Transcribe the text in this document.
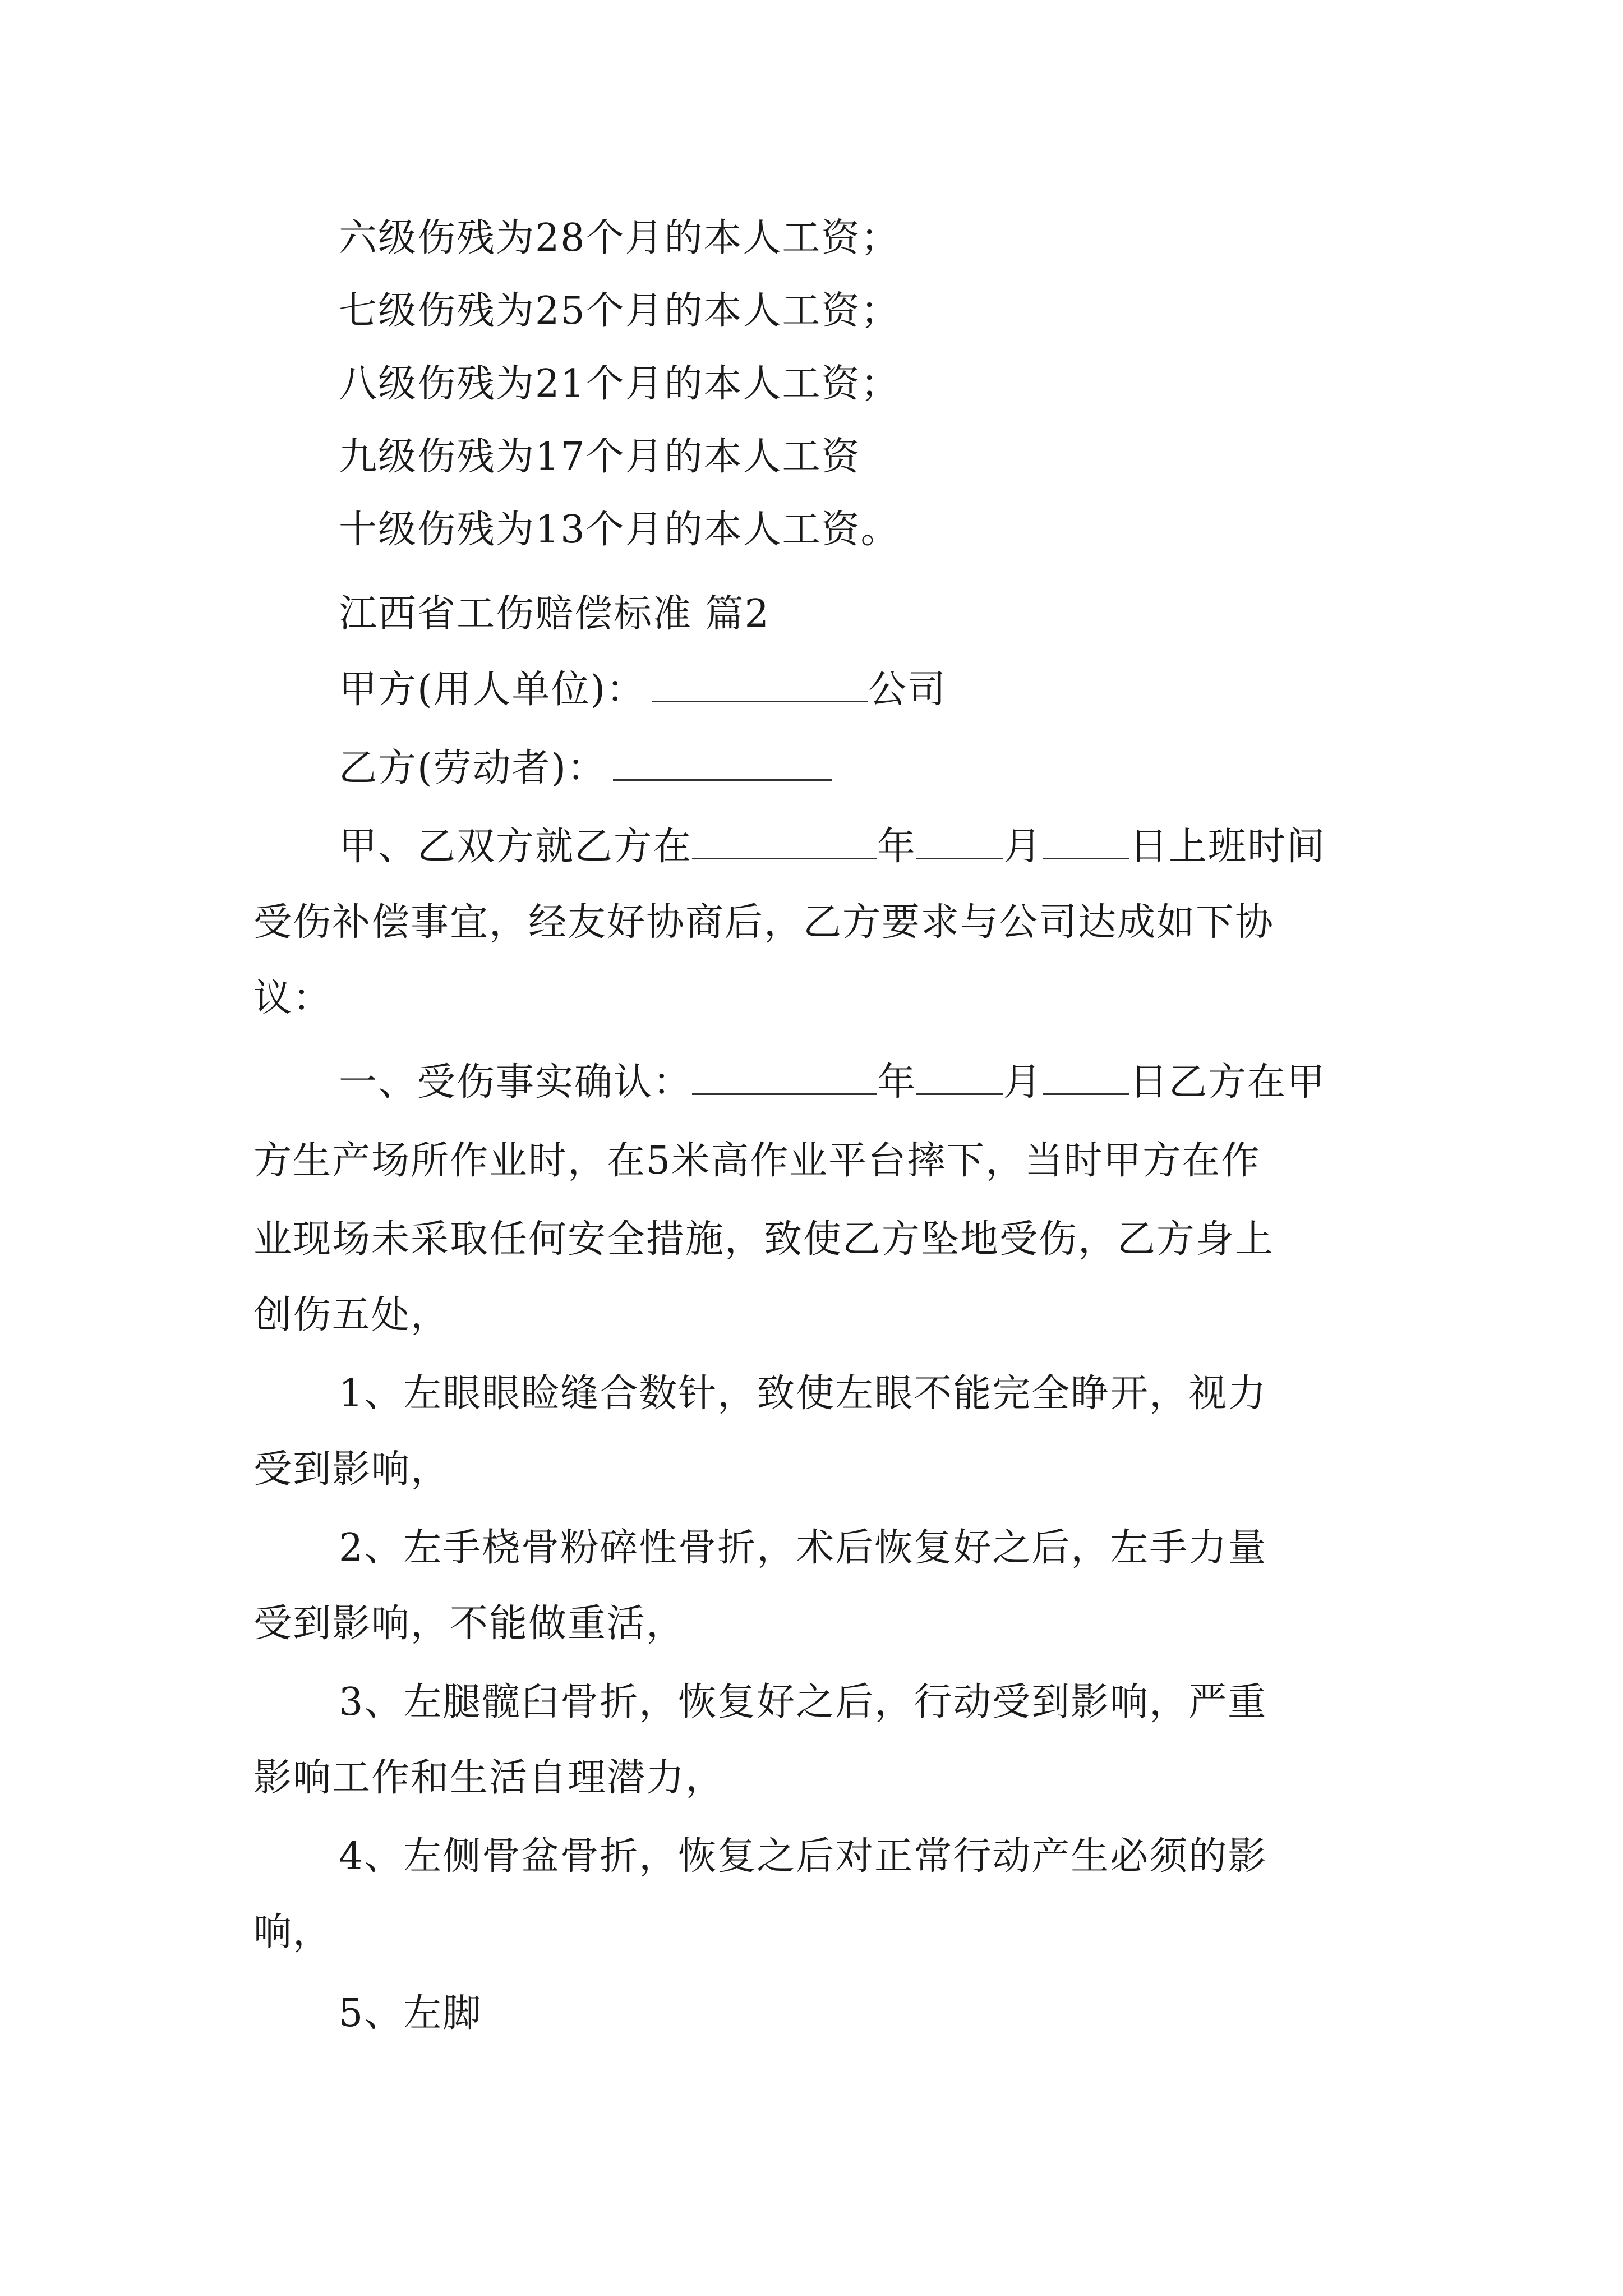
六级伤残为28个月的本人工资；
七级伤残为25个月的本人工资；
八级伤残为21个月的本人工资；
九级伤残为17个月的本人工资
十级伤残为13个月的本人工资。
江西省工伤赔偿标准 篇2
甲方(用人单位)：	公司
乙方(劳动者)：
甲、乙双方就乙方在	年 月 日上班时间
受伤补偿事宜，经友好协商后，乙方要求与公司达成如下协
议：
一、受伤事实确认：	年 月 日乙方在甲
方生产场所作业时，在5米高作业平台摔下，当时甲方在作
业现场未采取任何安全措施，致使乙方坠地受伤，乙方身上
创伤五处，
1、左眼眼睑缝合数针，致使左眼不能完全睁开，视力
受到影响，
2、左手桡骨粉碎性骨折，术后恢复好之后，左手力量
受到影响，不能做重活，
3、左腿髋臼骨折，恢复好之后，行动受到影响，严重
影响工作和生活自理潜力，
4、左侧骨盆骨折，恢复之后对正常行动产生必须的影
响，
5、左脚
